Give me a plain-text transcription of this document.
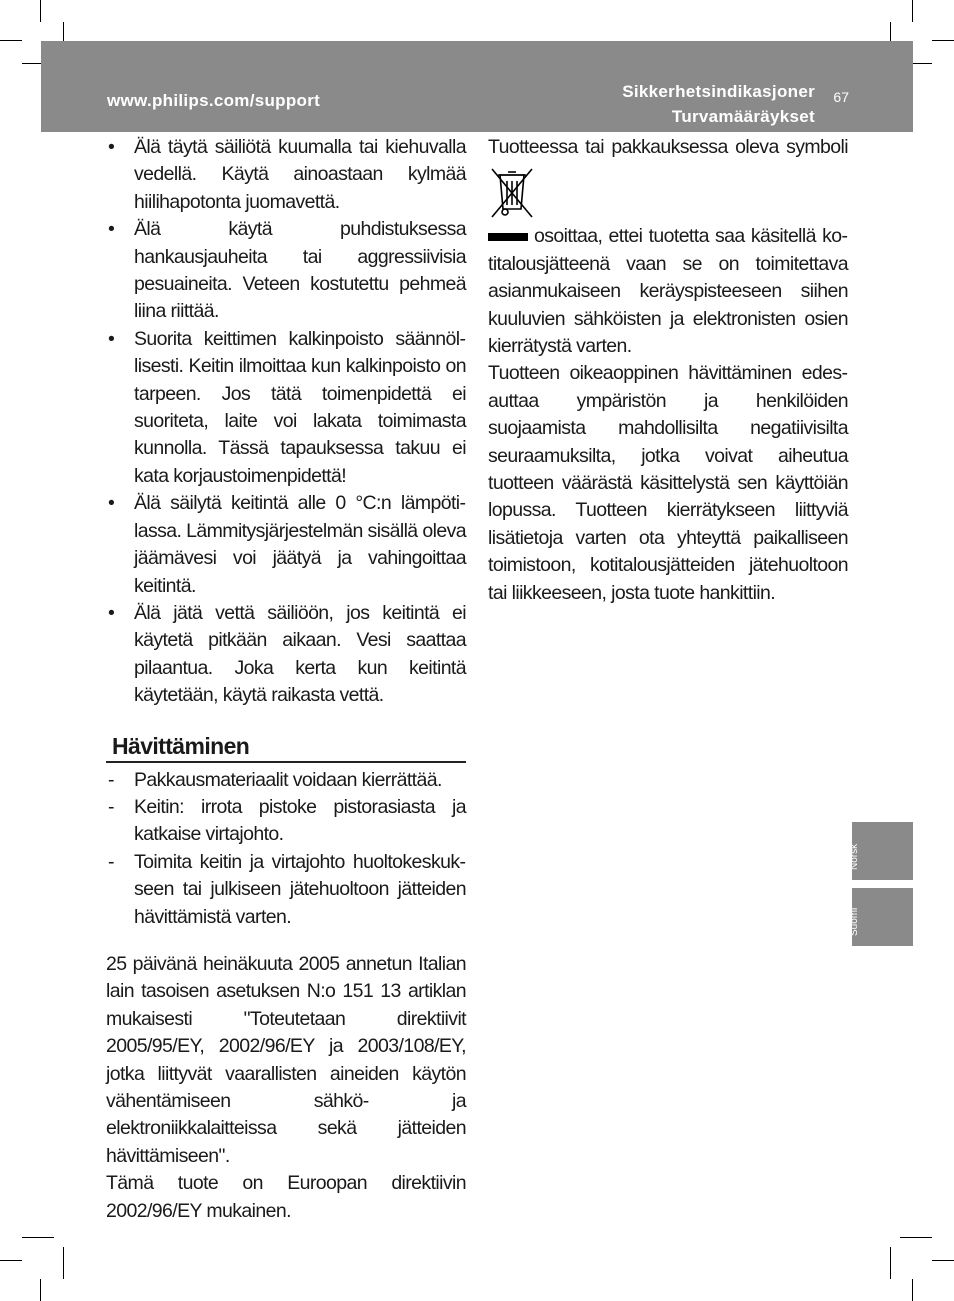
www.philips.com/support	Sikkerhetsindikasjoner
Turvamääräykset
67
• Älä täytä säiliötä kuumalla tai kiehuvalla vedellä. Käytä ainoastaan kylmää hiilihapotonta juomavettä.
• Älä käytä puhdistuksessa hankausjauheita tai aggressiivisia pesuaineita. Veteen kostutettu pehmeä liina riittää.
• Suorita keittimen kalkinpoisto säännöllisesti. Keitin ilmoittaa kun kalkinpoisto on tarpeen. Jos tätä toimenpidettä ei suoriteta, laite voi lakata toimimasta kunnolla. Tässä tapauksessa takuu ei kata korjaustoimenpidettä!
• Älä säilytä keitintä alle 0 °C:n lämpötilassa. Lämmitysjärjestelmän sisällä oleva jäämävesi voi jäätyä ja vahingoittaa keitintä.
• Älä jätä vettä säiliöön, jos keitintä ei käytetä pitkään aikaan. Vesi saattaa pilaantua. Joka kerta kun keitintä käytetään, käytä raikasta vettä.
Hävittäminen
- Pakkausmateriaalit voidaan kierrättää.
- Keitin: irrota pistoke pistorasiasta ja katkaise virtajohto.
- Toimita keitin ja virtajohto huoltokeskukseen tai julkiseen jätehuoltoon jätteiden hävittämistä varten.

25 päivänä heinäkuuta 2005 annetun Italian lain tasoisen asetuksen N:o 151 13 artiklan mukaisesti "Toteutetaan direktiivit 2005/95/EY, 2002/96/EY ja 2003/108/EY, jotka liittyvät vaarallisten aineiden käytön vähentämiseen sähkö- ja elektroniikkalaitteissa sekä jätteiden hävittämiseen".

Tämä tuote on Euroopan direktiivin 2002/96/EY mukainen.

Tuotteessa tai pakkauksessa oleva symboli

osoittaa, ettei tuotetta saa käsitellä kotitalousjätteenä vaan se on toimitettava asianmukaiseen keräyspisteeseen siihen kuuluvien sähköisten ja elektronisten osien kierrätystä varten.

Tuotteen oikeaoppinen hävittäminen edesauttaa ympäristön ja henkilöiden suojaamista mahdollisilta negatiivisilta seuraamuksilta, jotka voivat aiheutua tuotteen väärästä käsittelystä sen käyttöiän lopussa. Tuotteen kierrätykseen liittyviä lisätietoja varten ota yhteyttä paikalliseen toimistoon, kotitalousjätteiden jätehuoltoon tai liikkeeseen, josta tuote hankittiin.

Norsk
Suomi
